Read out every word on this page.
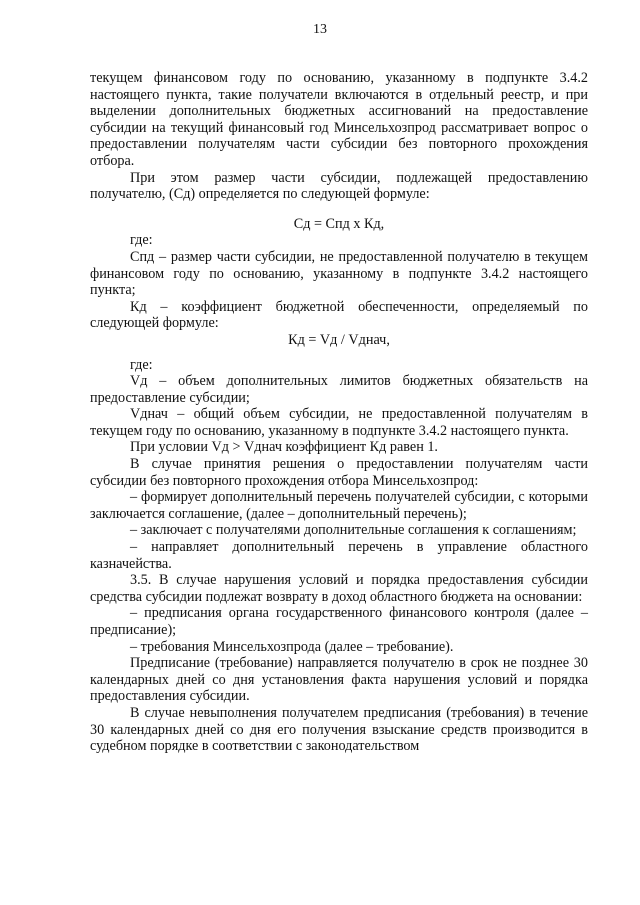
13

текущем финансовом году по основанию, указанному в подпункте 3.4.2 настоящего пункта, такие получатели включаются в отдельный реестр, и при выделении дополнительных бюджетных ассигнований на предоставление субсидии на текущий финансовый год Минсельхозпрод рассматривает вопрос о предоставлении получателям части субсидии без повторного прохождения отбора.

При этом размер части субсидии, подлежащей предоставлению получателю, (Сд) определяется по следующей формуле:

Сд = Спд х Кд,

где:

Спд – размер части субсидии, не предоставленной получателю в текущем финансовом году по основанию, указанному в подпункте 3.4.2 настоящего пункта;

Кд – коэффициент бюджетной обеспеченности, определяемый по следующей формуле:

Кд = Vд / Vднач,

где:

Vд – объем дополнительных лимитов бюджетных обязательств на предоставление субсидии;

Vднач – общий объем субсидии, не предоставленной получателям в текущем году по основанию, указанному в подпункте 3.4.2 настоящего пункта.

При условии Vд > Vднач коэффициент Кд равен 1.

В случае принятия решения о предоставлении получателям части субсидии без повторного прохождения отбора Минсельхозпрод:

– формирует дополнительный перечень получателей субсидии, с которыми заключается соглашение, (далее – дополнительный перечень);

– заключает с получателями дополнительные соглашения к соглашениям;

– направляет дополнительный перечень в управление областного казначейства.

3.5. В случае нарушения условий и порядка предоставления субсидии средства субсидии подлежат возврату в доход областного бюджета на основании:

– предписания органа государственного финансового контроля (далее – предписание);

– требования Минсельхозпрода (далее – требование).

Предписание (требование) направляется получателю в срок не позднее 30 календарных дней со дня установления факта нарушения условий и порядка предоставления субсидии.

В случае невыполнения получателем предписания (требования) в течение 30 календарных дней со дня его получения взыскание средств производится в судебном порядке в соответствии с законодательством
